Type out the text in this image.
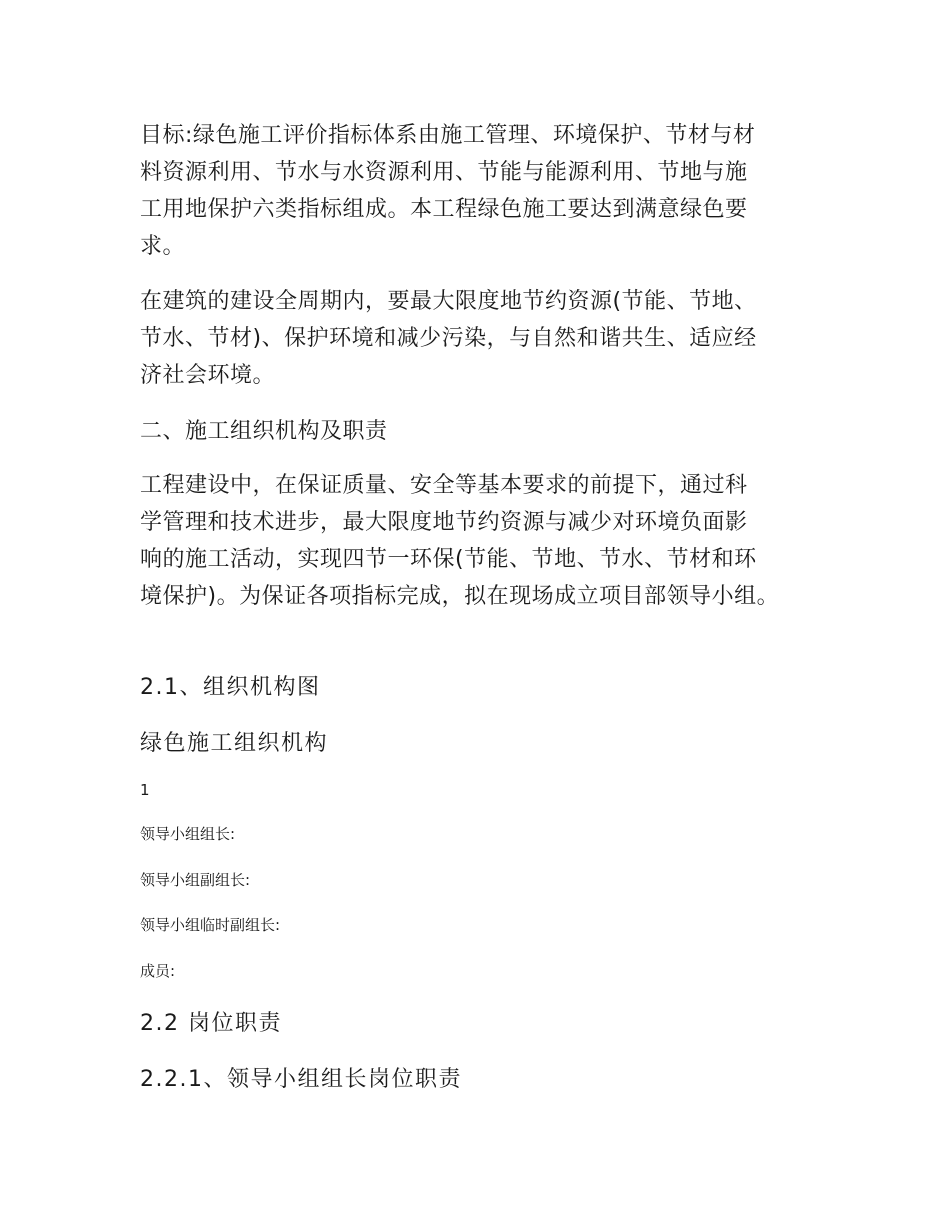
目标:绿色施工评价指标体系由施工管理、环境保护、节材与材
料资源利用、节水与水资源利用、节能与能源利用、节地与施
工用地保护六类指标组成。本工程绿色施工要达到满意绿色要
求。

在建筑的建设全周期内，要最大限度地节约资源(节能、节地、
节水、节材)、保护环境和减少污染，与自然和谐共生、适应经
济社会环境。

二、施工组织机构及职责

工程建设中，在保证质量、安全等基本要求的前提下，通过科
学管理和技术进步，最大限度地节约资源与减少对环境负面影
响的施工活动，实现四节一环保(节能、节地、节水、节材和环
境保护)。为保证各项指标完成，拟在现场成立项目部领导小组。

2.1、组织机构图
绿色施工组织机构
1
领导小组组长:
领导小组副组长:
领导小组临时副组长:
成员:
2.2 岗位职责
2.2.1、领导小组组长岗位职责
